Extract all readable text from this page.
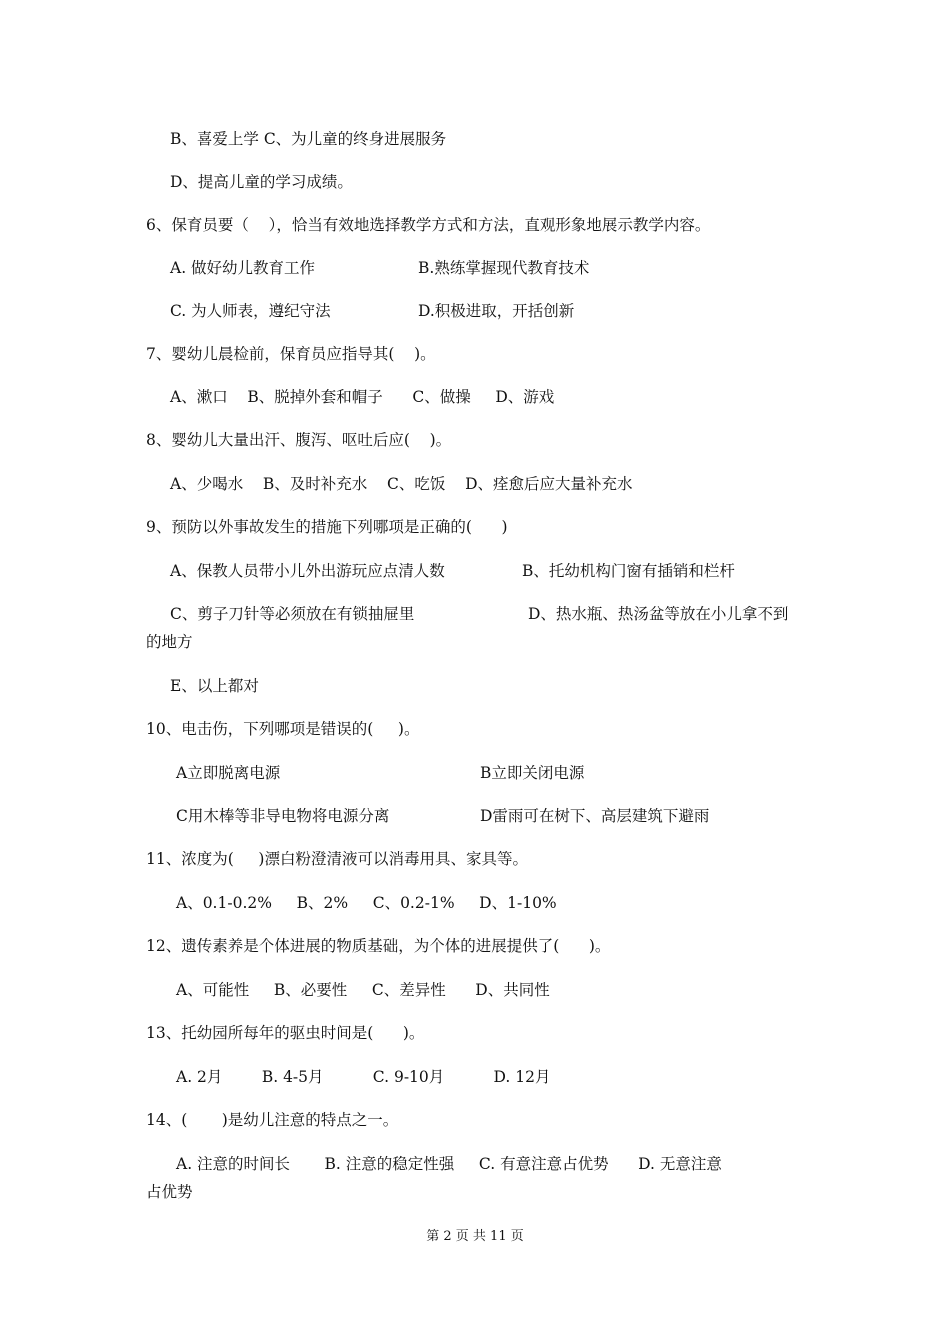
B、喜爱上学 C、为儿童的终身进展服务
D、提高儿童的学习成绩。
6、保育员要（    ），恰当有效地选择教学方式和方法，直观形象地展示教学内容。
A. 做好幼儿教育工作	B.熟练掌握现代教育技术
C. 为人师表，遵纪守法	D.积极进取，开括创新
7、婴幼儿晨检前，保育员应指导其(    )。
A、漱口    B、脱掉外套和帽子      C、做操     D、游戏
8、婴幼儿大量出汗、腹泻、呕吐后应(    )。
A、少喝水    B、及时补充水    C、吃饭    D、痊愈后应大量补充水
9、预防以外事故发生的措施下列哪项是正确的(      )
A、保教人员带小儿外出游玩应点清人数	B、托幼机构门窗有插销和栏杆
C、剪子刀针等必须放在有锁抽屉里	D、热水瓶、热汤盆等放在小儿拿不到
的地方
E、以上都对
10、电击伤，下列哪项是错误的(     )。
A立即脱离电源	B立即关闭电源
C用木棒等非导电物将电源分离	D雷雨可在树下、高层建筑下避雨
11、浓度为(     )漂白粉澄清液可以消毒用具、家具等。
A、0.1-0.2%     B、2%     C、0.2-1%     D、1-10%
12、遗传素养是个体进展的物质基础，为个体的进展提供了(      )。
A、可能性     B、必要性     C、差异性      D、共同性
13、托幼园所每年的驱虫时间是(      )。
A. 2月        B. 4-5月          C. 9-10月          D. 12月
14、(       )是幼儿注意的特点之一。
A. 注意的时间长       B. 注意的稳定性强     C. 有意注意占优势      D. 无意注意
占优势
第 2 页 共 11 页
